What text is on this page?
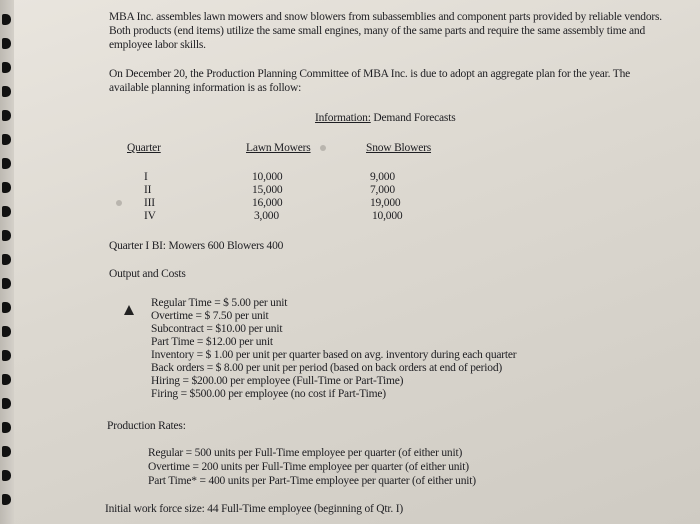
MBA Inc. assembles lawn mowers and snow blowers from subassemblies and component parts provided by reliable vendors. Both products (end items) utilize the same small engines, many of the same parts and require the same assembly time and employee labor skills.
On December 20, the Production Planning Committee of MBA Inc. is due to adopt an aggregate plan for the year. The available planning information is as follow:
Information: Demand Forecasts
Quarter	Lawn Mowers	Snow Blowers
I	10,000	9,000
II	15,000	7,000
III	16,000	19,000
IV	3,000	10,000
Quarter I BI: Mowers 600 Blowers 400
Output and Costs
Regular Time = $ 5.00 per unit
Overtime = $ 7.50 per unit
Subcontract = $10.00 per unit
Part Time = $12.00 per unit
Inventory = $ 1.00 per unit per quarter based on avg. inventory during each quarter
Back orders = $ 8.00 per unit per period (based on back orders at end of period)
Hiring = $200.00 per employee (Full-Time or Part-Time)
Firing = $500.00 per employee (no cost if Part-Time)
Production Rates:
Regular = 500 units per Full-Time employee per quarter (of either unit)
Overtime = 200 units per Full-Time employee per quarter (of either unit)
Part Time* = 400 units per Part-Time employee per quarter (of either unit)
Initial work force size: 44 Full-Time employee (beginning of Qtr. I)
